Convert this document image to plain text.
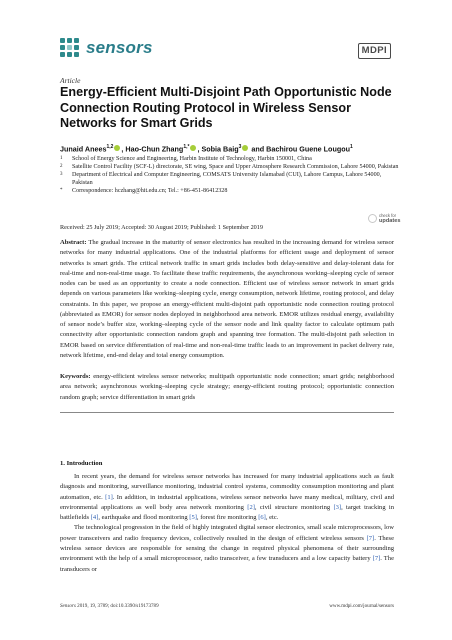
sensors	MDPI
Article
Energy-Efficient Multi-Disjoint Path Opportunistic Node Connection Routing Protocol in Wireless Sensor Networks for Smart Grids
Junaid Anees$^{1,2}$ , Hao-Chun Zhang$^{1,*}$ , Sobia Baig$^3$ and Bachirou Guene Lougou$^1$
1	School of Energy Science and Engineering, Harbin Institute of Technology, Harbin 150001, China
2	Satellite Control Facility (SCF-L) directorate, SE wing, Space and Upper Atmosphere Research Commission, Lahore 54000, Pakistan
3	Department of Electrical and Computer Engineering, COMSATS University Islamabad (CUI), Lahore Campus, Lahore 54000, Pakistan
*	Correspondence: hczhang@hit.edu.cn; Tel.: +86-451-86412328
Received: 25 July 2019; Accepted: 30 August 2019; Published: 1 September 2019
check for
updates

Abstract: The gradual increase in the maturity of sensor electronics has resulted in the increasing demand for wireless sensor networks for many industrial applications. One of the industrial platforms for efficient usage and deployment of sensor networks is smart grids. The critical network traffic in smart grids includes both delay-sensitive and delay-tolerant data for real-time and non-real-time usage. To facilitate these traffic requirements, the asynchronous working–sleeping cycle of sensor nodes can be used as an opportunity to create a node connection. Efficient use of wireless sensor network in smart grids depends on various parameters like working–sleeping cycle, energy consumption, network lifetime, routing protocol, and delay constraints. In this paper, we propose an energy-efficient multi-disjoint path opportunistic node connection routing protocol (abbreviated as EMOR) for sensor nodes deployed in neighborhood area network. EMOR utilizes residual energy, availability of sensor node’s buffer size, working–sleeping cycle of the sensor node and link quality factor to calculate optimum path connectivity after opportunistic connection random graph and spanning tree formation. The multi-disjoint path selection in EMOR based on service differentiation of real-time and non-real-time traffic leads to an improvement in packet delivery rate, network lifetime, end-end delay and total energy consumption.

Keywords: energy-efficient wireless sensor networks; multipath opportunistic node connection; smart grids; neighborhood area network; asynchronous working–sleeping cycle strategy; energy-efficient routing protocol; opportunistic connection random graph; service differentiation in smart grids

1. Introduction

In recent years, the demand for wireless sensor networks has increased for many industrial applications such as fault diagnosis and monitoring, surveillance monitoring, industrial control systems, commodity consumption monitoring and plant automation, etc. [1]. In addition, in industrial applications, wireless sensor networks have many medical, military, civil and environmental applications as well body area network monitoring [2], civil structure monitoring [3], target tracking in battlefields [4], earthquake and flood monitoring [5], forest fire monitoring [6], etc.

The technological progression in the field of highly integrated digital sensor electronics, small scale microprocessors, low power transceivers and radio frequency devices, collectively resulted in the design of efficient wireless sensors [7]. These wireless sensor devices are responsible for sensing the change in required physical phenomena of their surrounding environment with the help of a small microprocessor, radio transceiver, a few transducers and a low capacity battery [7]. The transducers or

Sensors 2019, 19, 3789; doi:10.3390/s19173789	www.mdpi.com/journal/sensors
